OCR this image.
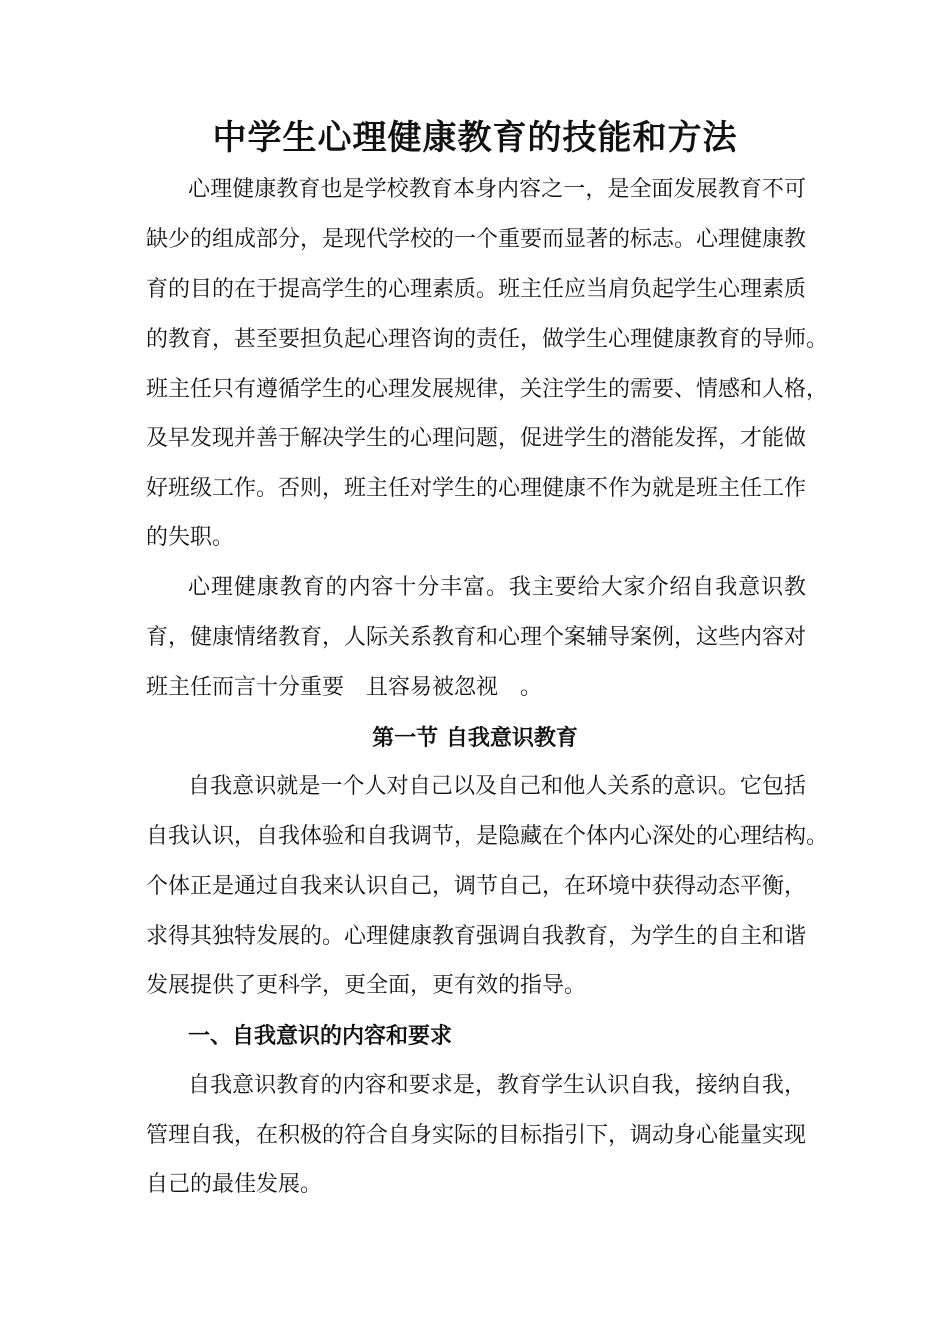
中学生心理健康教育的技能和方法
心理健康教育也是学校教育本身内容之一，是全面发展教育不可
缺少的组成部分，是现代学校的一个重要而显著的标志。心理健康教
育的目的在于提高学生的心理素质。班主任应当肩负起学生心理素质
的教育，甚至要担负起心理咨询的责任，做学生心理健康教育的导师。
班主任只有遵循学生的心理发展规律，关注学生的需要、情感和人格，
及早发现并善于解决学生的心理问题，促进学生的潜能发挥，才能做
好班级工作。否则，班主任对学生的心理健康不作为就是班主任工作
的失职。
心理健康教育的内容十分丰富。我主要给大家介绍自我意识教
育，健康情绪教育，人际关系教育和心理个案辅导案例，这些内容对
班主任而言十分重要　且容易被忽视　。
第一节 自我意识教育
自我意识就是一个人对自己以及自己和他人关系的意识。它包括
自我认识，自我体验和自我调节，是隐藏在个体内心深处的心理结构。
个体正是通过自我来认识自己，调节自己，在环境中获得动态平衡，
求得其独特发展的。心理健康教育强调自我教育，为学生的自主和谐
发展提供了更科学，更全面，更有效的指导。
一、自我意识的内容和要求
自我意识教育的内容和要求是，教育学生认识自我，接纳自我，
管理自我，在积极的符合自身实际的目标指引下，调动身心能量实现
自己的最佳发展。
